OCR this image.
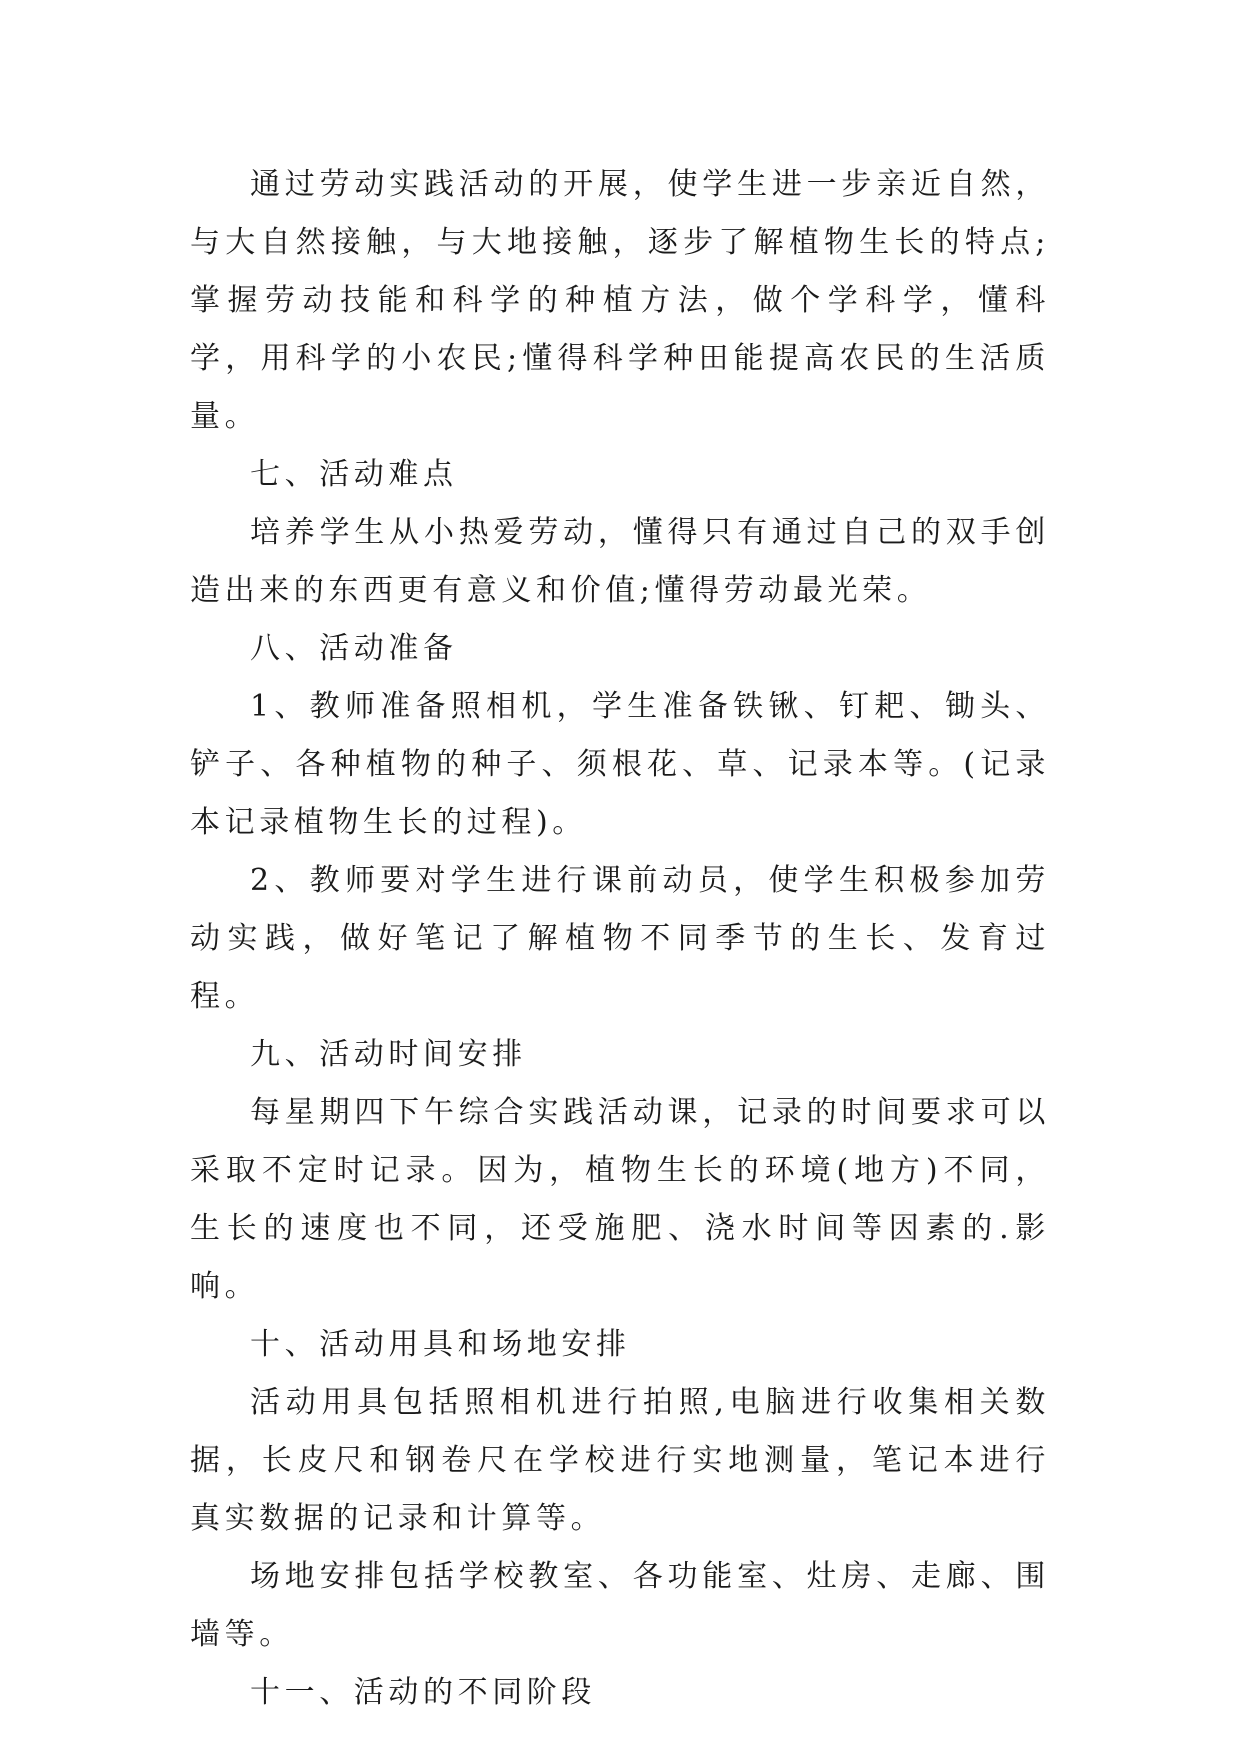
通过劳动实践活动的开展，使学生进一步亲近自然，与大自然接触，与大地接触，逐步了解植物生长的特点;掌握劳动技能和科学的种植方法，做个学科学，懂科学，用科学的小农民;懂得科学种田能提高农民的生活质量。

七、活动难点

培养学生从小热爱劳动，懂得只有通过自己的双手创造出来的东西更有意义和价值;懂得劳动最光荣。

八、活动准备

1、教师准备照相机，学生准备铁锹、钉耙、锄头、铲子、各种植物的种子、须根花、草、记录本等。(记录本记录植物生长的过程)。

2、教师要对学生进行课前动员，使学生积极参加劳动实践，做好笔记了解植物不同季节的生长、发育过程。

九、活动时间安排

每星期四下午综合实践活动课，记录的时间要求可以采取不定时记录。因为，植物生长的环境(地方)不同，生长的速度也不同，还受施肥、浇水时间等因素的.影响。

十、活动用具和场地安排

活动用具包括照相机进行拍照,电脑进行收集相关数据，长皮尺和钢卷尺在学校进行实地测量，笔记本进行真实数据的记录和计算等。

场地安排包括学校教室、各功能室、灶房、走廊、围墙等。

十一、活动的不同阶段
